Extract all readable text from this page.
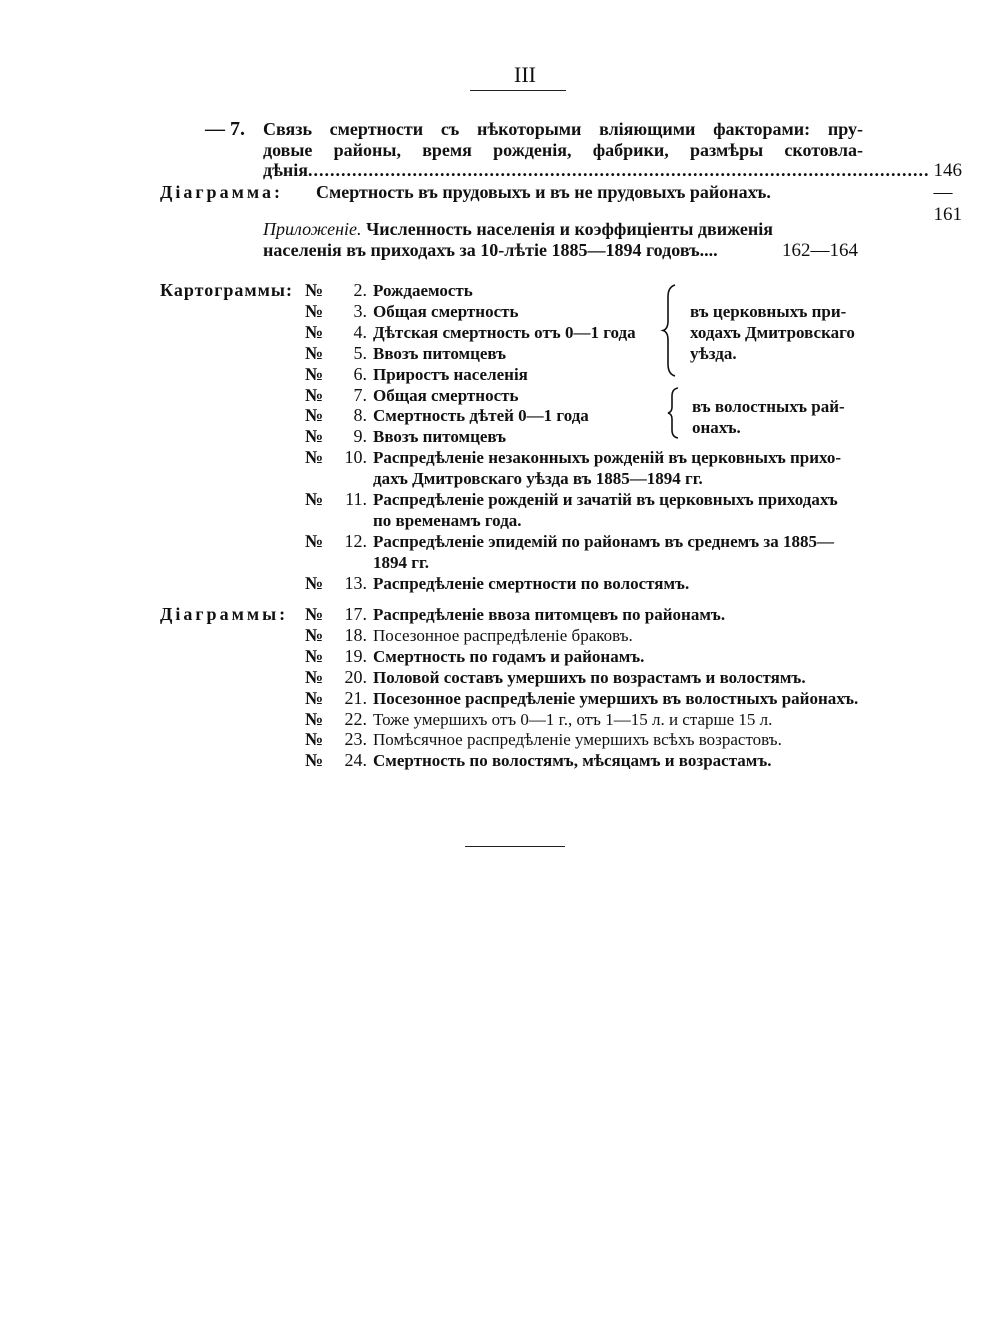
III
— 7. Связь смертности съ нѣкоторыми вліяющими факторами: пру-
довые районы, время рожденія, фабрики, размѣры скотовла-
дѣнія ................................................................................................................. 146—161
Діаграмма: Смертность въ прудовыхъ и въ не прудовыхъ районахъ.
Приложеніе. Численность населенія и коэффиціенты движенія
населенія въ приходахъ за 10-лѣтіе 1885—1894 годовъ....	162—164
Картограммы: № 2. Рождаемость
№ 3. Общая смертность
№ 4. Дѣтская смертность отъ 0—1 года
№ 5. Ввозъ питомцевъ
№ 6. Приростъ населенія
№ 7. Общая смертность
№ 8. Смертность дѣтей 0—1 года
№ 9. Ввозъ питомцевъ
№ 10. Распредѣленіе незаконныхъ рожденій въ церковныхъ прихо-
дахъ Дмитровскаго уѣзда въ 1885—1894 гг.
№ 11. Распредѣленіе рожденій и зачатій въ церковныхъ приходахъ
по временамъ года.
№ 12. Распредѣленіе эпидемій по районамъ въ среднемъ за 1885—
1894 гг.
№ 13. Распредѣленіе смертности по волостямъ.
въ церковныхъ при-
ходахъ Дмитровскаго
уѣзда.
въ волостныхъ рай-
онахъ.
Діаграммы: № 17. Распредѣленіе ввоза питомцевъ по районамъ.
№ 18. Посезонное распредѣленіе браковъ.
№ 19. Смертность по годамъ и районамъ.
№ 20. Половой составъ умершихъ по возрастамъ и волостямъ.
№ 21. Посезонное распредѣленіе умершихъ въ волостныхъ районахъ.
№ 22. Тоже умершихъ отъ 0—1 г., отъ 1—15 л. и старше 15 л.
№ 23. Помѣсячное распредѣленіе умершихъ всѣхъ возрастовъ.
№ 24. Смертность по волостямъ, мѣсяцамъ и возрастамъ.
